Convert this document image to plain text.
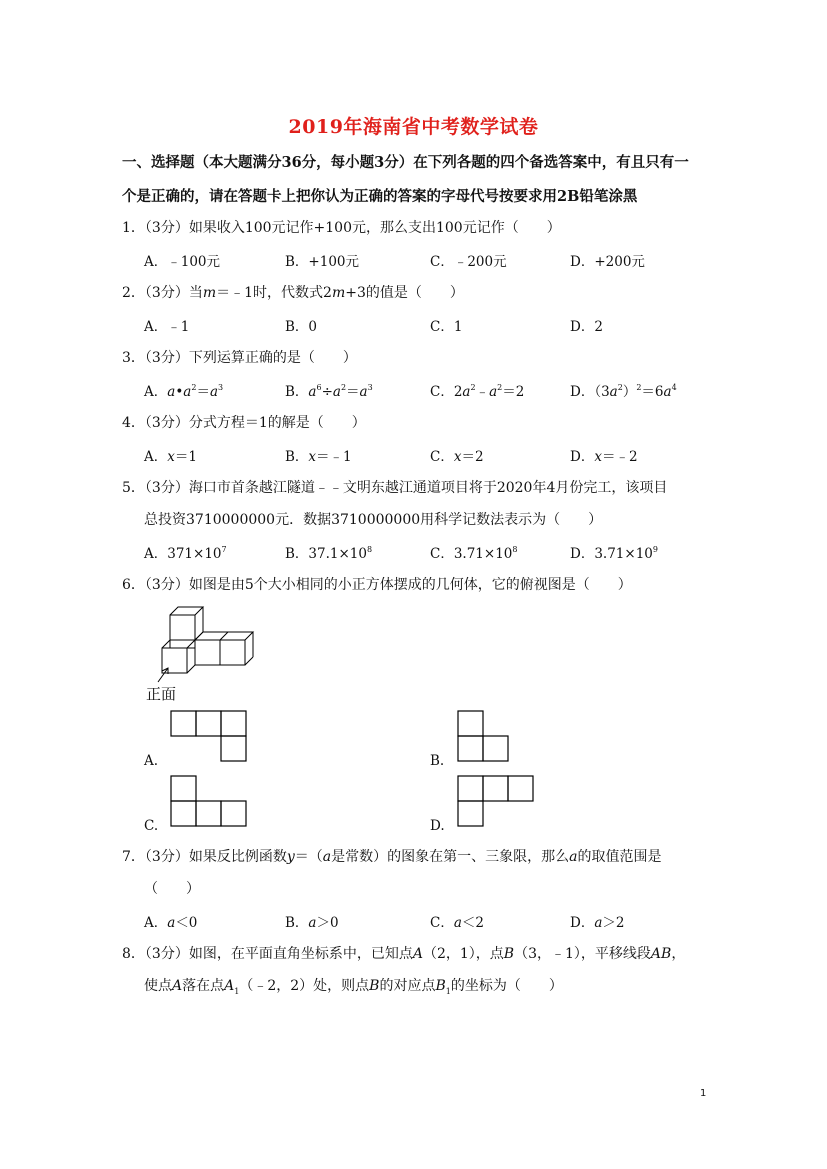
2019年海南省中考数学试卷
一、选择题（本大题满分36分，每小题3分）在下列各题的四个备选答案中，有且只有一
个是正确的，请在答题卡上把你认为正确的答案的字母代号按要求用2B铅笔涂黑
1．（3分）如果收入100元记作+100元，那么支出100元记作（　　）
A．﹣100元	B．+100元	C．﹣200元	D．+200元
2．（3分）当m＝﹣1时，代数式2m+3的值是（　　）
A．﹣1	B．0	C．1	D．2
3．（3分）下列运算正确的是（　　）
A．$a•a^2=a^3$	B．$a^6\div a^2=a^3$	C．$2a^2﹣a^2=2$	D．$(3a^2)^2=6a^4$
4．（3分）分式方程＝1的解是（　　）
A．x＝1	B．x＝﹣1	C．x＝2	D．x＝﹣2
5．（3分）海口市首条越江隧道﹣﹣文明东越江通道项目将于2020年4月份完工，该项目
总投资3710000000元．数据3710000000用科学记数法表示为（　　）
A．$371\times 10^7$	B．$37.1\times 10^8$	C．$3.71\times 10^8$	D．$3.71\times 10^9$
6．（3分）如图是由5个大小相同的小正方体摆成的几何体，它的俯视图是（　　）
正面
A.	B.
C.	D.
7．（3分）如果反比例函数y＝（a是常数）的图象在第一、三象限，那么a的取值范围是
（　　）
A．a＜0	B．a＞0	C．a＜2	D．a＞2
8．（3分）如图，在平面直角坐标系中，已知点A（2，1），点B（3，﹣1），平移线段AB，
使点A落在点$A_1(﹣2$，2）处，则点B的对应点$B_1$的坐标为（　　）
1
